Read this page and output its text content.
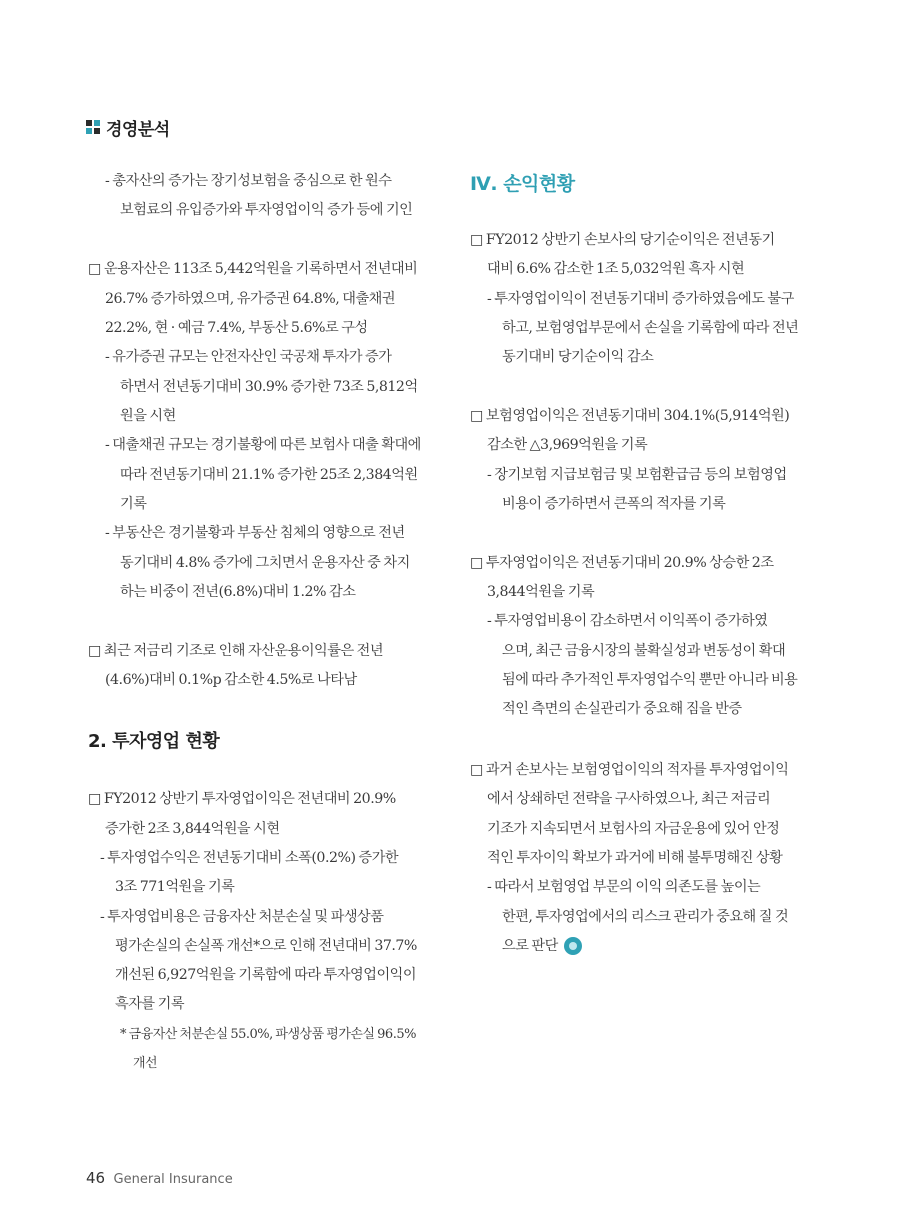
경영분석
- 총자산의 증가는 장기성보험을 중심으로 한 원수
보험료의 유입증가와 투자영업이익 증가 등에 기인
□ 운용자산은 113조 5,442억원을 기록하면서 전년대비
26.7% 증가하였으며, 유가증권 64.8%, 대출채권
22.2%, 현 · 예금 7.4%, 부동산 5.6%로 구성
- 유가증권 규모는 안전자산인 국공채 투자가 증가
하면서 전년동기대비 30.9% 증가한 73조 5,812억
원을 시현
- 대출채권 규모는 경기불황에 따른 보험사 대출 확대에
따라 전년동기대비 21.1% 증가한 25조 2,384억원
기록
- 부동산은 경기불황과 부동산 침체의 영향으로 전년
동기대비 4.8% 증가에 그치면서 운용자산 중 차지
하는 비중이 전년(6.8%)대비 1.2% 감소
□ 최근 저금리 기조로 인해 자산운용이익률은 전년
(4.6%)대비 0.1%p 감소한 4.5%로 나타남
2. 투자영업 현황
□ FY2012 상반기 투자영업이익은 전년대비 20.9%
증가한 2조 3,844억원을 시현
- 투자영업수익은 전년동기대비 소폭(0.2%) 증가한
3조 771억원을 기록
- 투자영업비용은 금융자산 처분손실 및 파생상품
평가손실의 손실폭 개선*으로 인해 전년대비 37.7%
개선된 6,927억원을 기록함에 따라 투자영업이익이
흑자를 기록
* 금융자산 처분손실 55.0%, 파생상품 평가손실 96.5%
개선
Ⅳ. 손익현황
□ FY2012 상반기 손보사의 당기순이익은 전년동기
대비 6.6% 감소한 1조 5,032억원 흑자 시현
- 투자영업이익이 전년동기대비 증가하였음에도 불구
하고, 보험영업부문에서 손실을 기록함에 따라 전년
동기대비 당기순이익 감소
□ 보험영업이익은 전년동기대비 304.1%(5,914억원)
감소한 △3,969억원을 기록
- 장기보험 지급보험금 및 보험환급금 등의 보험영업
비용이 증가하면서 큰폭의 적자를 기록
□ 투자영업이익은 전년동기대비 20.9% 상승한 2조
3,844억원을 기록
- 투자영업비용이 감소하면서 이익폭이 증가하였
으며, 최근 금융시장의 불확실성과 변동성이 확대
됨에 따라 추가적인 투자영업수익 뿐만 아니라 비용
적인 측면의 손실관리가 중요해 짐을 반증
□ 과거 손보사는 보험영업이익의 적자를 투자영업이익
에서 상쇄하던 전략을 구사하였으나, 최근 저금리
기조가 지속되면서 보험사의 자금운용에 있어 안정
적인 투자이익 확보가 과거에 비해 불투명해진 상황
- 따라서 보험영업 부문의 이익 의존도를 높이는
한편, 투자영업에서의 리스크 관리가 중요해 질 것
으로 판단
46 General Insurance
